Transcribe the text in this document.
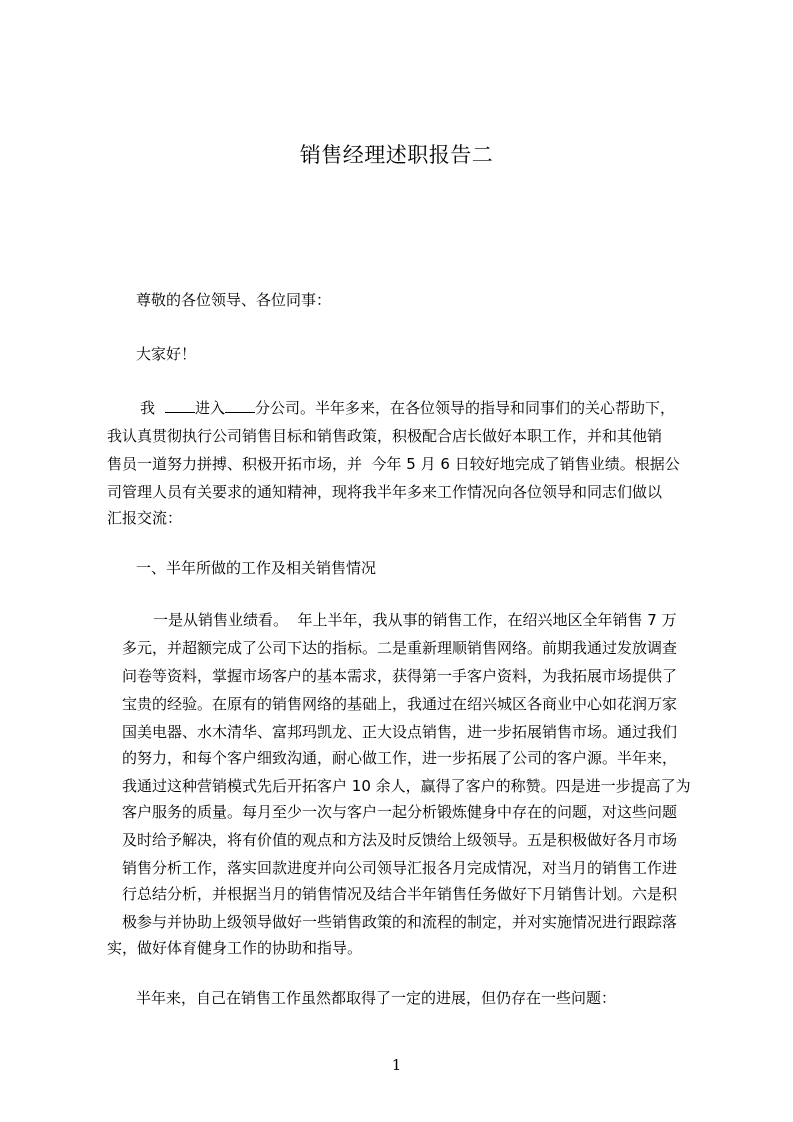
销售经理述职报告二
尊敬的各位领导、各位同事：
大家好！
我	进入 分公司。半年多来，在各位领导的指导和同事们的关心帮助下，
我认真贯彻执行公司销售目标和销售政策，积极配合店长做好本职工作，并和其他销
售员一道努力拼搏、积极开拓市场，并  今年 5 月 6 日较好地完成了销售业绩。根据公
司管理人员有关要求的通知精神，现将我半年多来工作情况向各位领导和同志们做以
汇报交流：
一、半年所做的工作及相关销售情况
一是从销售业绩看。  年上半年，我从事的销售工作，在绍兴地区全年销售 7 万
多元，并超额完成了公司下达的指标。二是重新理顺销售网络。前期我通过发放调查
问卷等资料，掌握市场客户的基本需求，获得第一手客户资料，为我拓展市场提供了
宝贵的经验。在原有的销售网络的基础上，我通过在绍兴城区各商业中心如花润万家
国美电器、水木清华、富邦玛凯龙、正大设点销售，进一步拓展销售市场。通过我们
的努力，和每个客户细致沟通，耐心做工作，进一步拓展了公司的客户源。半年来，
我通过这种营销模式先后开拓客户 10 余人，赢得了客户的称赞。四是进一步提高了为
客户服务的质量。每月至少一次与客户一起分析锻炼健身中存在的问题，对这些问题
及时给予解决，将有价值的观点和方法及时反馈给上级领导。五是积极做好各月市场
销售分析工作，落实回款进度并向公司领导汇报各月完成情况，对当月的销售工作进
行总结分析，并根据当月的销售情况及结合半年销售任务做好下月销售计划。六是积
极参与并协助上级领导做好一些销售政策的和流程的制定，并对实施情况进行跟踪落
实，做好体育健身工作的协助和指导。
半年来，自己在销售工作虽然都取得了一定的进展，但仍存在一些问题：
1
